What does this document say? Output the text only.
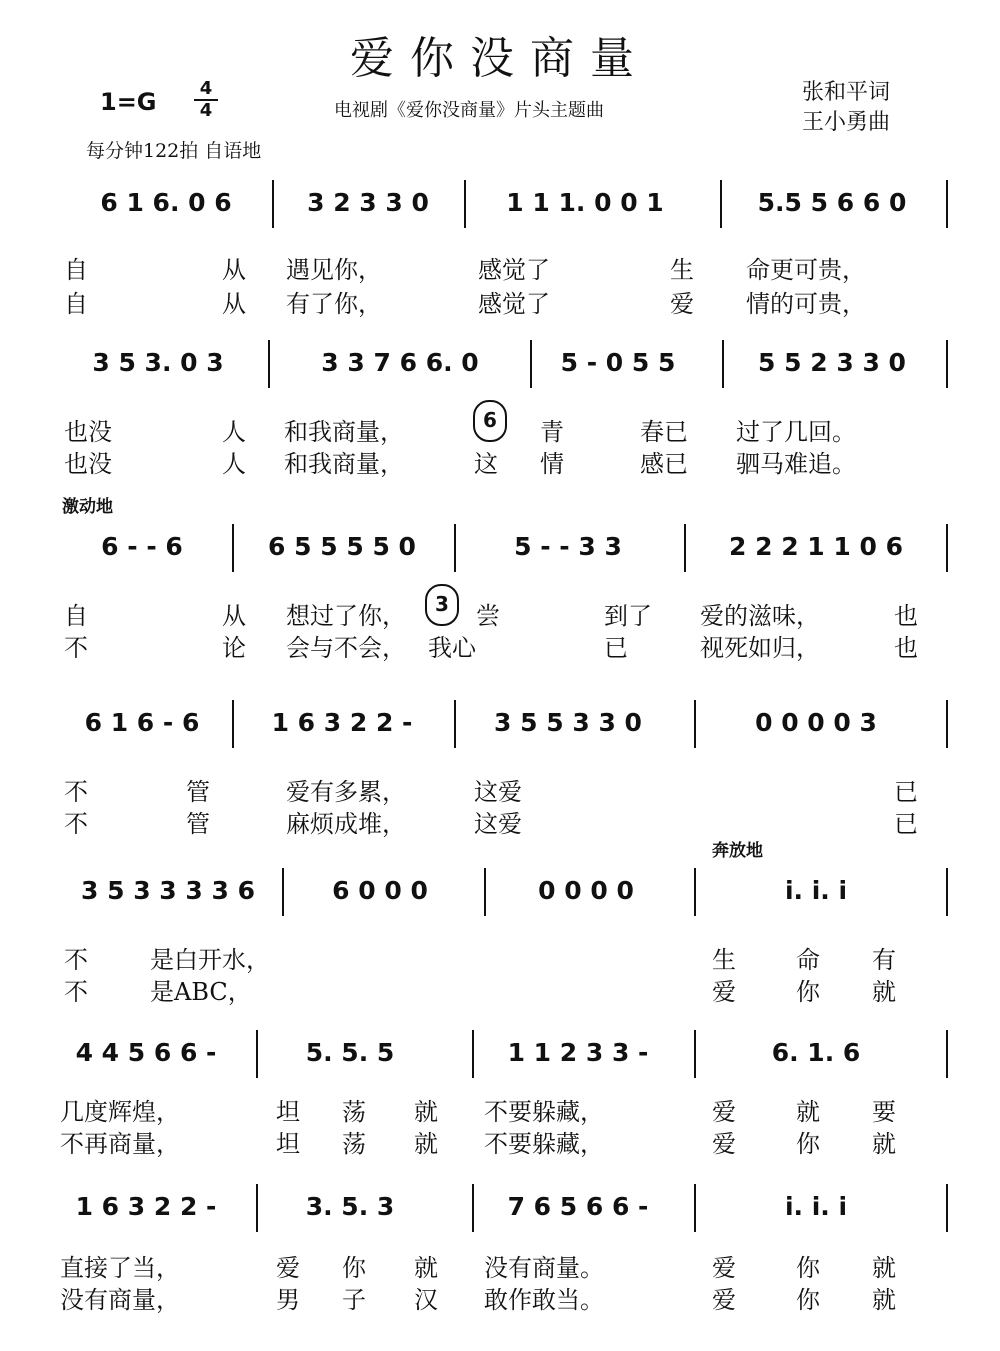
爱你没商量
1=G	4
4	电视剧《爱你没商量》片头主题曲
张和平词
王小勇曲
每分钟122拍 自语地
激动地
奔放地
6 1 6. 0 6	3 2 3 3 0	1 1 1. 0 0 1	5.5 5 6 6 0
自	从 遇见你，	感觉了	生 命更可贵，
自	从 有了你，	感觉了	爱 情的可贵，
3 5 3. 0 3	3 3 7 6 6. 0	5 - 0 5 5	5 5 2 3 3 0
6
也没	人 和我商量，	青	春已 过了几回。
也没	人 和我商量，	这 情	感已 驷马难追。
6 - - 6	6 5 5 5 5 0	5 - - 3 3	2 2 2 1 1 0 6
3
自	从 想过了你，	尝	到了 爱的滋味，	也
不	论 会与不会， 我心	已	视死如归，	也
6 1 6 - 6	1 6 3 2 2 -	3 5 5 3 3 0	0 0 0 0 3
不	管	爱有多累，	这爱	已
不	管	麻烦成堆，	这爱	已
3 5 3 3 3 3 6	6 0 0 0	0 0 0 0	i. i. i
不	是白开水，	生	命 有
不	是ABC，	爱	你 就
4 4 5 6 6 -	5. 5. 5	1 1 2 3 3 -	6. 1. 6
几度辉煌，	坦 荡 就 不要躲藏，	爱	就 要
不再商量，	坦 荡 就 不要躲藏，	爱	你 就
1 6 3 2 2 -	3. 5. 3	7 6 5 6 6 -	i. i. i
直接了当，	爱 你 就 没有商量。	爱	你 就
没有商量，	男 子 汉 敢作敢当。	爱	你 就
